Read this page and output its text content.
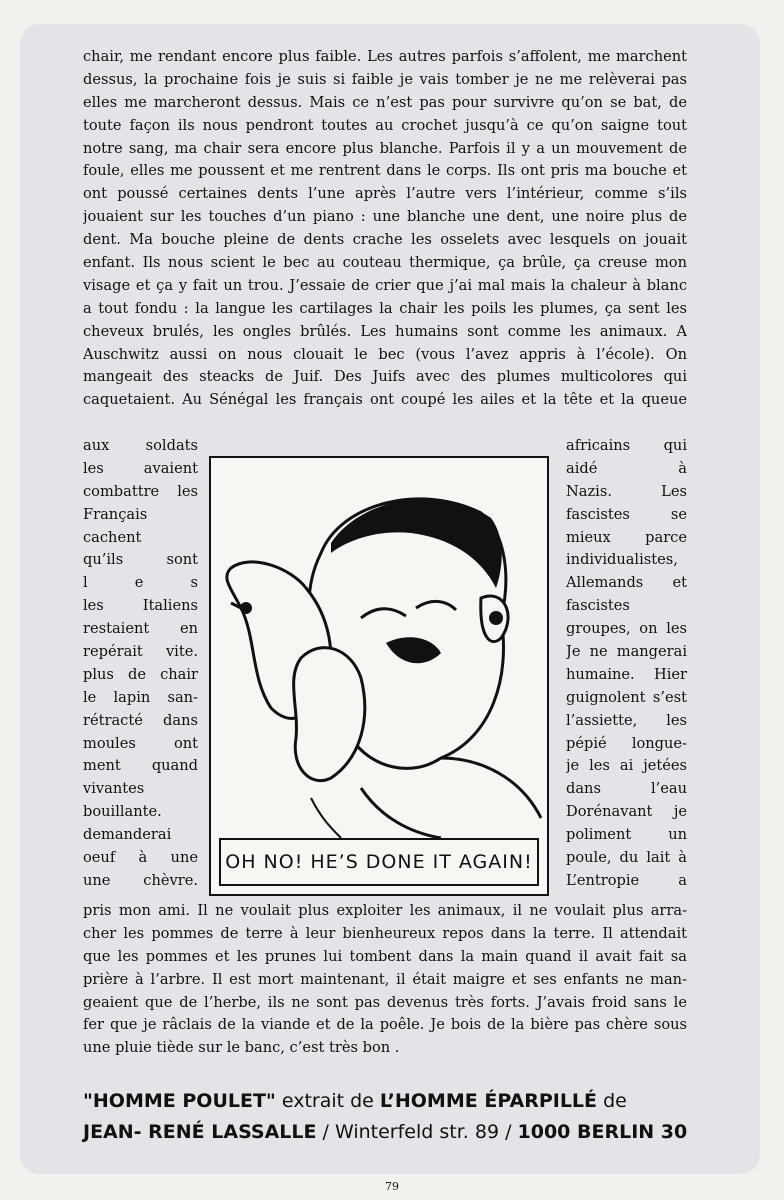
chair, me rendant encore plus faible. Les autres parfois s’affolent, me marchent
dessus, la prochaine fois je suis si faible je vais tomber je ne me relèverai pas
elles me marcheront dessus. Mais ce n’est pas pour survivre qu’on se bat, de
toute façon ils nous pendront toutes au crochet jusqu’à ce qu’on saigne tout
notre sang, ma chair sera encore plus blanche. Parfois il y a un mouvement de
foule, elles me poussent et me rentrent dans le corps. Ils ont pris ma bouche et
ont poussé certaines dents l’une après l’autre vers l’intérieur, comme s’ils
jouaient sur les touches d’un piano : une blanche une dent, une noire plus de
dent. Ma bouche pleine de dents crache les osselets avec lesquels on jouait
enfant. Ils nous scient le bec au couteau thermique, ça brûle, ça creuse mon
visage et ça y fait un trou. J’essaie de crier que j’ai mal mais la chaleur à blanc
a tout fondu : la langue les cartilages la chair les poils les plumes, ça sent les
cheveux brulés, les ongles brûlés. Les humains sont comme les animaux. A
Auschwitz aussi on nous clouait le bec (vous l’avez appris à l’école). On
mangeait des steacks de Juif. Des Juifs avec des plumes multicolores qui
caquetaient. Au Sénégal les français ont coupé les ailes et la tête et la queue
aux soldats
les avaient
combattre les
Français
cachent
qu’ils sont
l e s
les Italiens
restaient en
repérait vite.
plus de chair
le lapin san-
rétracté dans
moules ont
ment quand
vivantes
bouillante.
demanderai
oeuf à une
une chèvre.
africains qui
aidé à
Nazis. Les
fascistes se
mieux parce
individualistes,
Allemands et
fascistes
groupes, on les
Je ne mangerai
humaine. Hier
guignolent s’est
l’assiette, les
pépié longue-
je les ai jetées
dans l’eau
Dorénavant je
poliment un
poule, du lait à
L’entropie a
OH NO! HE’S DONE IT AGAIN!
pris mon ami. Il ne voulait plus exploiter les animaux, il ne voulait plus arra-
cher les pommes de terre à leur bienheureux repos dans la terre. Il attendait
que les pommes et les prunes lui tombent dans la main quand il avait fait sa
prière à l’arbre. Il est mort maintenant, il était maigre et ses enfants ne man-
geaient que de l’herbe, ils ne sont pas devenus très forts. J’avais froid sans le
fer que je râclais de la viande et de la poêle. Je bois de la bière pas chère sous
une pluie tiède sur le banc, c’est très bon .
"HOMME POULET" extrait de L’HOMME ÉPARPILLÉ de
JEAN- RENÉ LASSALLE / Winterfeld str. 89 / 1000 BERLIN 30
79
